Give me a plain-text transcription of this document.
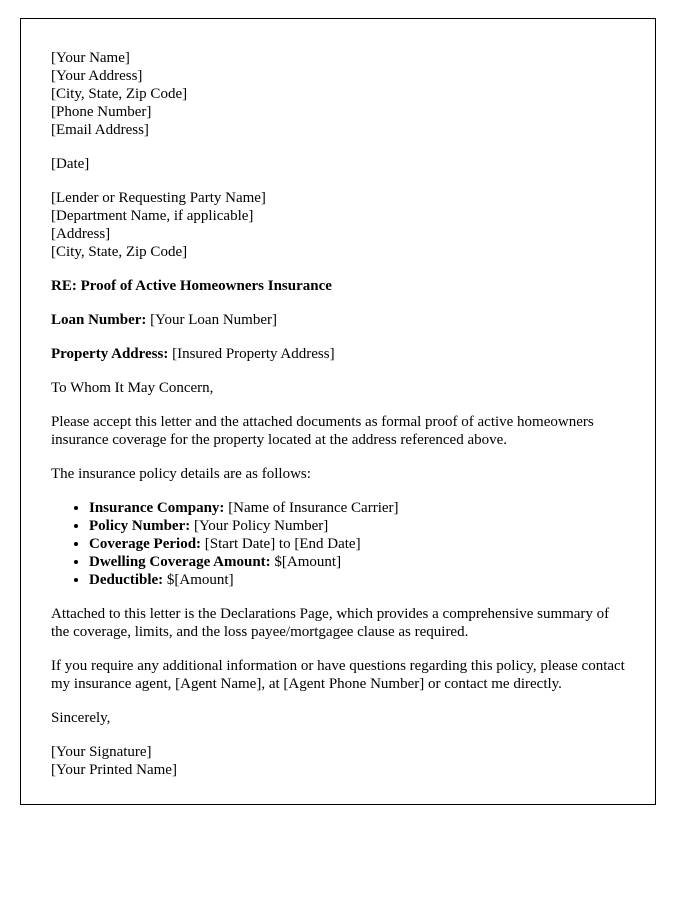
[Your Name]
[Your Address]
[City, State, Zip Code]
[Phone Number]
[Email Address]

[Date]

[Lender or Requesting Party Name]
[Department Name, if applicable]
[Address]
[City, State, Zip Code]

RE: Proof of Active Homeowners Insurance

Loan Number: [Your Loan Number]

Property Address: [Insured Property Address]

To Whom It May Concern,

Please accept this letter and the attached documents as formal proof of active homeowners insurance coverage for the property located at the address referenced above.

The insurance policy details are as follows:

• Insurance Company: [Name of Insurance Carrier]
• Policy Number: [Your Policy Number]
• Coverage Period: [Start Date] to [End Date]
• Dwelling Coverage Amount: $[Amount]
• Deductible: $[Amount]

Attached to this letter is the Declarations Page, which provides a comprehensive summary of the coverage, limits, and the loss payee/mortgagee clause as required.

If you require any additional information or have questions regarding this policy, please contact my insurance agent, [Agent Name], at [Agent Phone Number] or contact me directly.

Sincerely,

[Your Signature]
[Your Printed Name]
